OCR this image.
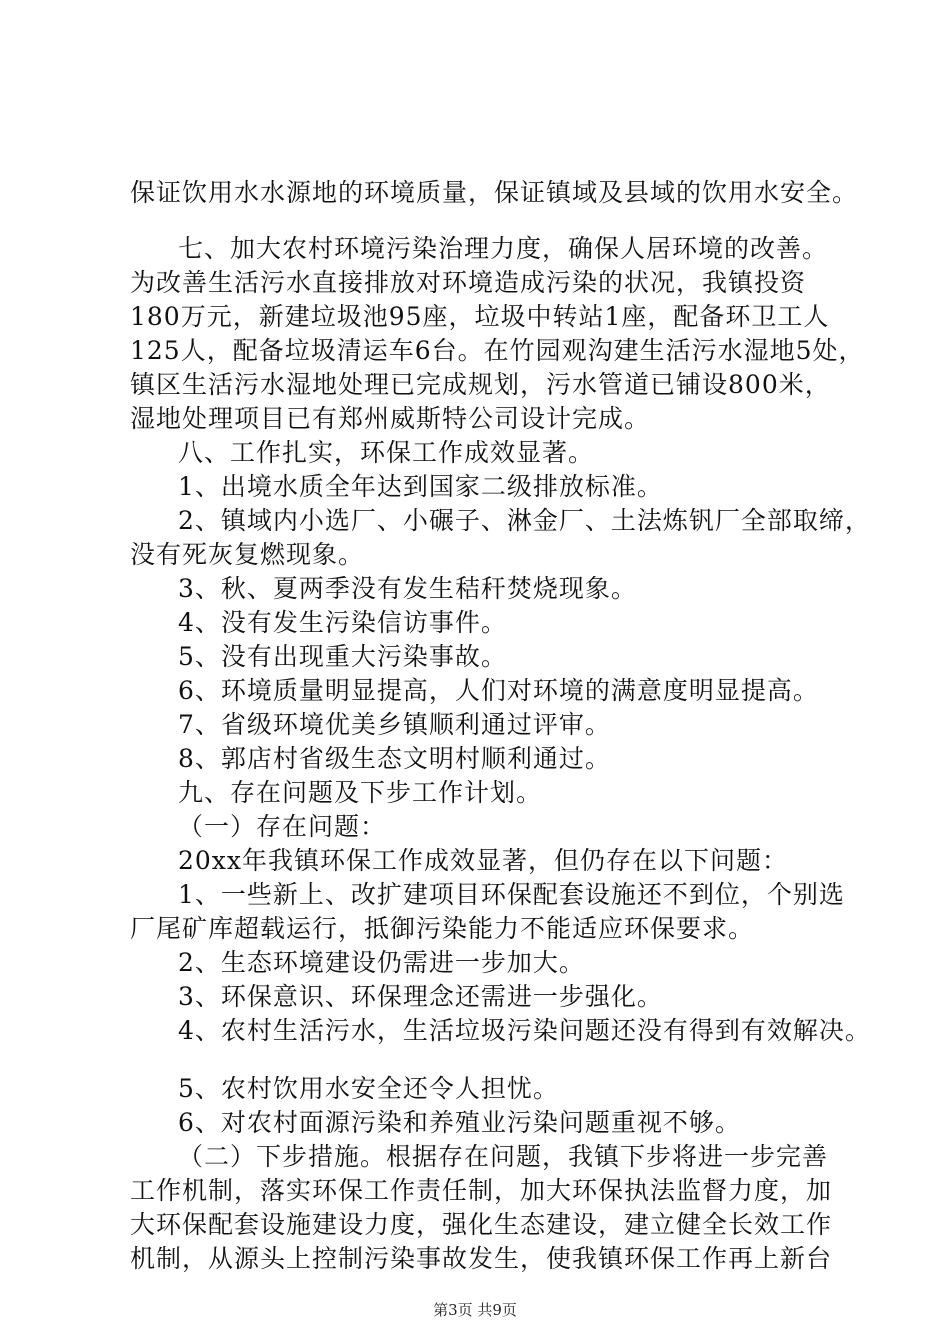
保证饮用水水源地的环境质量，保证镇域及县域的饮用水安全。
七、加大农村环境污染治理力度，确保人居环境的改善。
为改善生活污水直接排放对环境造成污染的状况，我镇投资
180万元，新建垃圾池95座，垃圾中转站1座，配备环卫工人
125人，配备垃圾清运车6台。在竹园观沟建生活污水湿地5处，
镇区生活污水湿地处理已完成规划，污水管道已铺设800米，
湿地处理项目已有郑州威斯特公司设计完成。
八、工作扎实，环保工作成效显著。
1、出境水质全年达到国家二级排放标准。
2、镇域内小选厂、小碾子、淋金厂、土法炼钒厂全部取缔，
没有死灰复燃现象。
3、秋、夏两季没有发生秸秆焚烧现象。
4、没有发生污染信访事件。
5、没有出现重大污染事故。
6、环境质量明显提高，人们对环境的满意度明显提高。
7、省级环境优美乡镇顺利通过评审。
8、郭店村省级生态文明村顺利通过。
九、存在问题及下步工作计划。
（一）存在问题：
20xx年我镇环保工作成效显著，但仍存在以下问题：
1、一些新上、改扩建项目环保配套设施还不到位，个别选
厂尾矿库超载运行，抵御污染能力不能适应环保要求。
2、生态环境建设仍需进一步加大。
3、环保意识、环保理念还需进一步强化。
4、农村生活污水，生活垃圾污染问题还没有得到有效解决。
5、农村饮用水安全还令人担忧。
6、对农村面源污染和养殖业污染问题重视不够。
（二）下步措施。根据存在问题，我镇下步将进一步完善
工作机制，落实环保工作责任制，加大环保执法监督力度，加
大环保配套设施建设力度，强化生态建设，建立健全长效工作
机制，从源头上控制污染事故发生，使我镇环保工作再上新台
第3页 共9页
